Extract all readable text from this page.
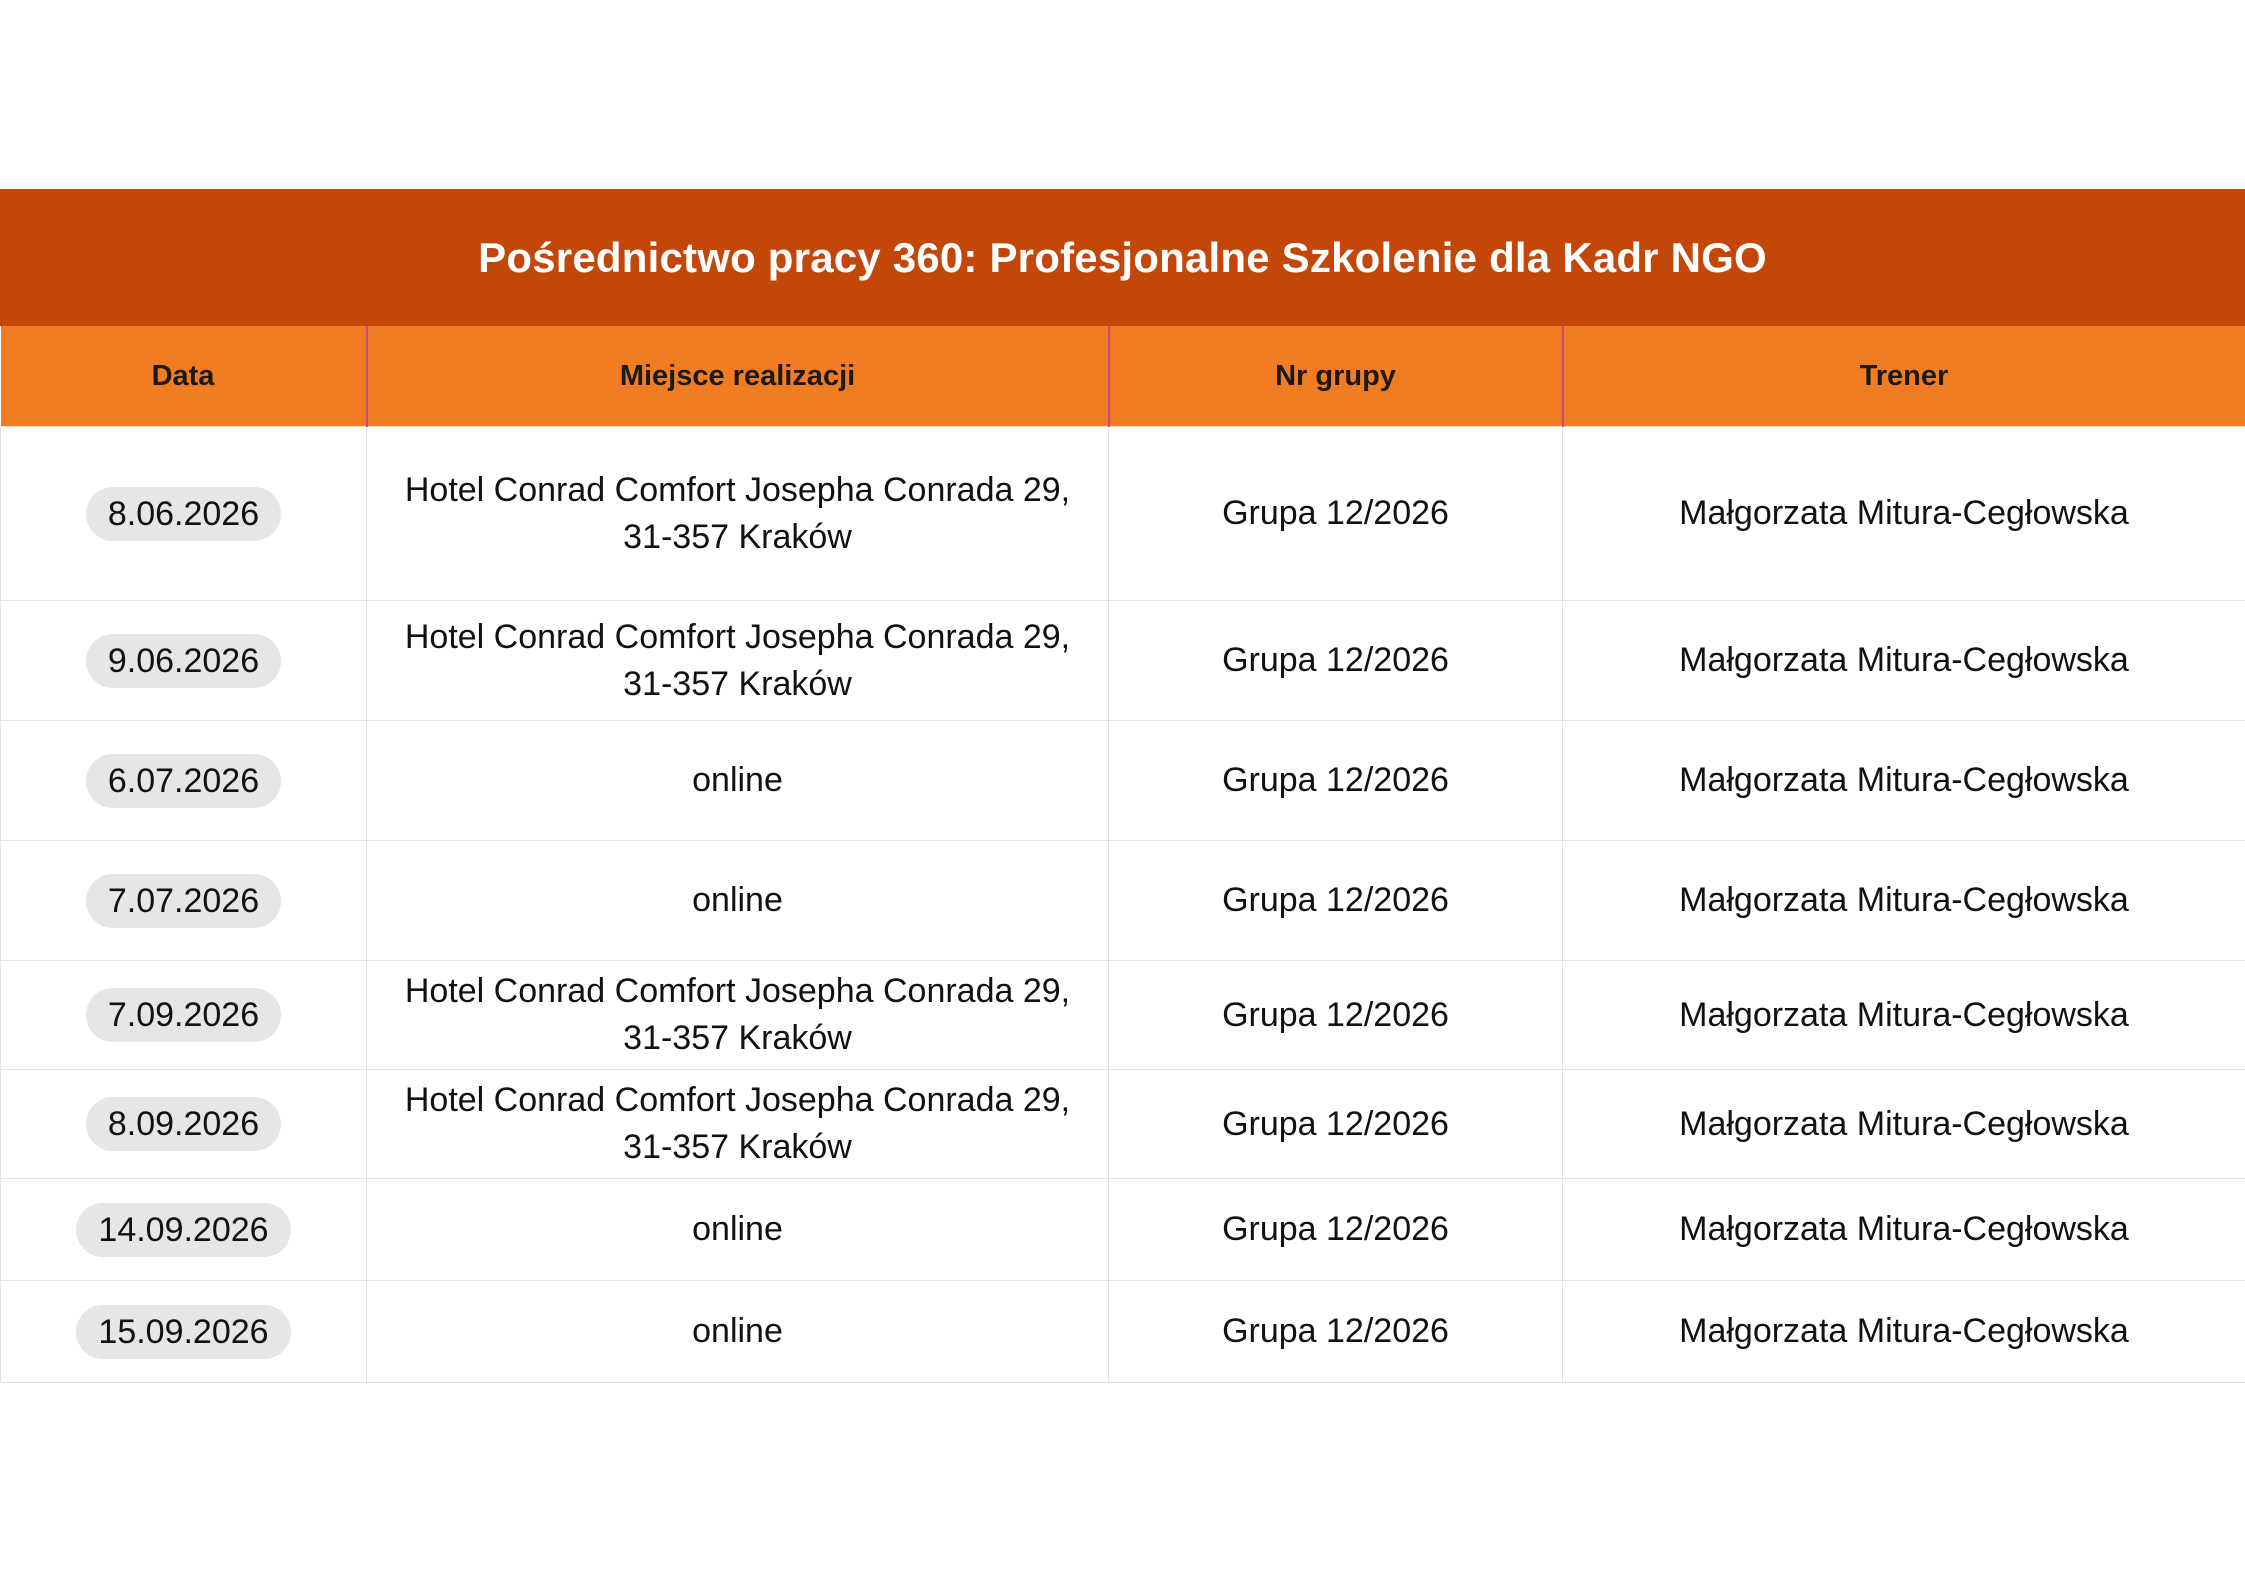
Pośrednictwo pracy 360: Profesjonalne Szkolenie dla Kadr NGO
Data	Miejsce realizacji	Nr grupy	Trener
8.06.2026	Hotel Conrad Comfort Josepha Conrada 29,
31-357 Kraków	Grupa 12/2026	Małgorzata Mitura-Cegłowska
9.06.2026	Hotel Conrad Comfort Josepha Conrada 29,
31-357 Kraków	Grupa 12/2026	Małgorzata Mitura-Cegłowska
6.07.2026	online	Grupa 12/2026	Małgorzata Mitura-Cegłowska
7.07.2026	online	Grupa 12/2026	Małgorzata Mitura-Cegłowska
7.09.2026	Hotel Conrad Comfort Josepha Conrada 29,
31-357 Kraków	Grupa 12/2026	Małgorzata Mitura-Cegłowska
8.09.2026	Hotel Conrad Comfort Josepha Conrada 29,
31-357 Kraków	Grupa 12/2026	Małgorzata Mitura-Cegłowska
14.09.2026	online	Grupa 12/2026	Małgorzata Mitura-Cegłowska
15.09.2026	online	Grupa 12/2026	Małgorzata Mitura-Cegłowska
